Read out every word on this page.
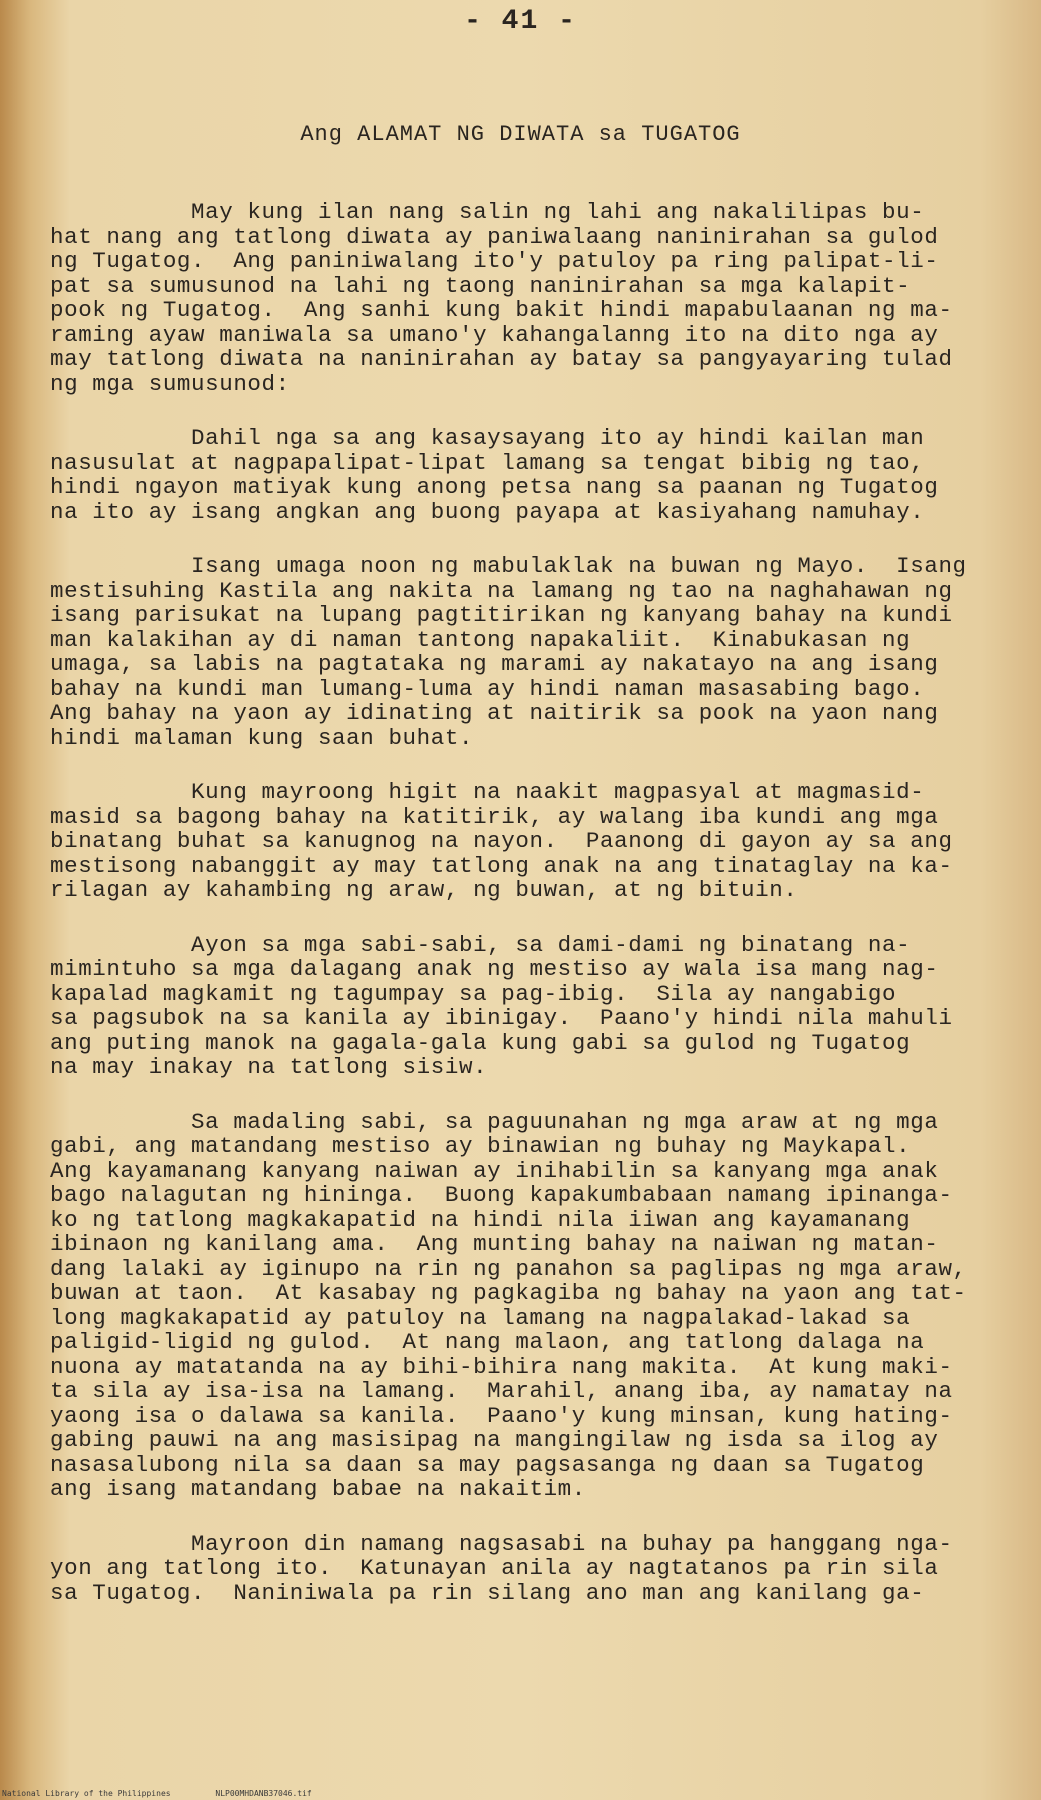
- 41 -
Ang ALAMAT NG DIWATA sa TUGATOG
May kung ilan nang salin ng lahi ang nakalilipas bu-
hat nang ang tatlong diwata ay paniwalaang naninirahan sa gulod
ng Tugatog.  Ang paniniwalang ito'y patuloy pa ring palipat-li-
pat sa sumusunod na lahi ng taong naninirahan sa mga kalapit-
pook ng Tugatog.  Ang sanhi kung bakit hindi mapabulaanan ng ma-
raming ayaw maniwala sa umano'y kahangalanng ito na dito nga ay
may tatlong diwata na naninirahan ay batay sa pangyayaring tulad
ng mga sumusunod:
Dahil nga sa ang kasaysayang ito ay hindi kailan man
nasusulat at nagpapalipat-lipat lamang sa tengat bibig ng tao,
hindi ngayon matiyak kung anong petsa nang sa paanan ng Tugatog
na ito ay isang angkan ang buong payapa at kasiyahang namuhay.
Isang umaga noon ng mabulaklak na buwan ng Mayo.  Isang
mestisuhing Kastila ang nakita na lamang ng tao na naghahawan ng
isang parisukat na lupang pagtitirikan ng kanyang bahay na kundi
man kalakihan ay di naman tantong napakaliit.  Kinabukasan ng
umaga, sa labis na pagtataka ng marami ay nakatayo na ang isang
bahay na kundi man lumang-luma ay hindi naman masasabing bago.
Ang bahay na yaon ay idinating at naitirik sa pook na yaon nang
hindi malaman kung saan buhat.
Kung mayroong higit na naakit magpasyal at magmasid-
masid sa bagong bahay na katitirik, ay walang iba kundi ang mga
binatang buhat sa kanugnog na nayon.  Paanong di gayon ay sa ang
mestisong nabanggit ay may tatlong anak na ang tinataglay na ka-
rilagan ay kahambing ng araw, ng buwan, at ng bituin.
Ayon sa mga sabi-sabi, sa dami-dami ng binatang na-
mimintuho sa mga dalagang anak ng mestiso ay wala isa mang nag-
kapalad magkamit ng tagumpay sa pag-ibig.  Sila ay nangabigo
sa pagsubok na sa kanila ay ibinigay.  Paano'y hindi nila mahuli
ang puting manok na gagala-gala kung gabi sa gulod ng Tugatog
na may inakay na tatlong sisiw.
Sa madaling sabi, sa paguunahan ng mga araw at ng mga
gabi, ang matandang mestiso ay binawian ng buhay ng Maykapal.
Ang kayamanang kanyang naiwan ay inihabilin sa kanyang mga anak
bago nalagutan ng hininga.  Buong kapakumbabaan namang ipinanga-
ko ng tatlong magkakapatid na hindi nila iiwan ang kayamanang
ibinaon ng kanilang ama.  Ang munting bahay na naiwan ng matan-
dang lalaki ay iginupo na rin ng panahon sa paglipas ng mga araw,
buwan at taon.  At kasabay ng pagkagiba ng bahay na yaon ang tat-
long magkakapatid ay patuloy na lamang na nagpalakad-lakad sa
paligid-ligid ng gulod.  At nang malaon, ang tatlong dalaga na
nuona ay matatanda na ay bihi-bihira nang makita.  At kung maki-
ta sila ay isa-isa na lamang.  Marahil, anang iba, ay namatay na
yaong isa o dalawa sa kanila.  Paano'y kung minsan, kung hating-
gabing pauwi na ang masisipag na mangingilaw ng isda sa ilog ay
nasasalubong nila sa daan sa may pagsasanga ng daan sa Tugatog
ang isang matandang babae na nakaitim.
Mayroon din namang nagsasabi na buhay pa hanggang nga-
yon ang tatlong ito.  Katunayan anila ay nagtatanos pa rin sila
sa Tugatog.  Naniniwala pa rin silang ano man ang kanilang ga-
National Library of the Philippines	NLP00MHDANB37046.tif
